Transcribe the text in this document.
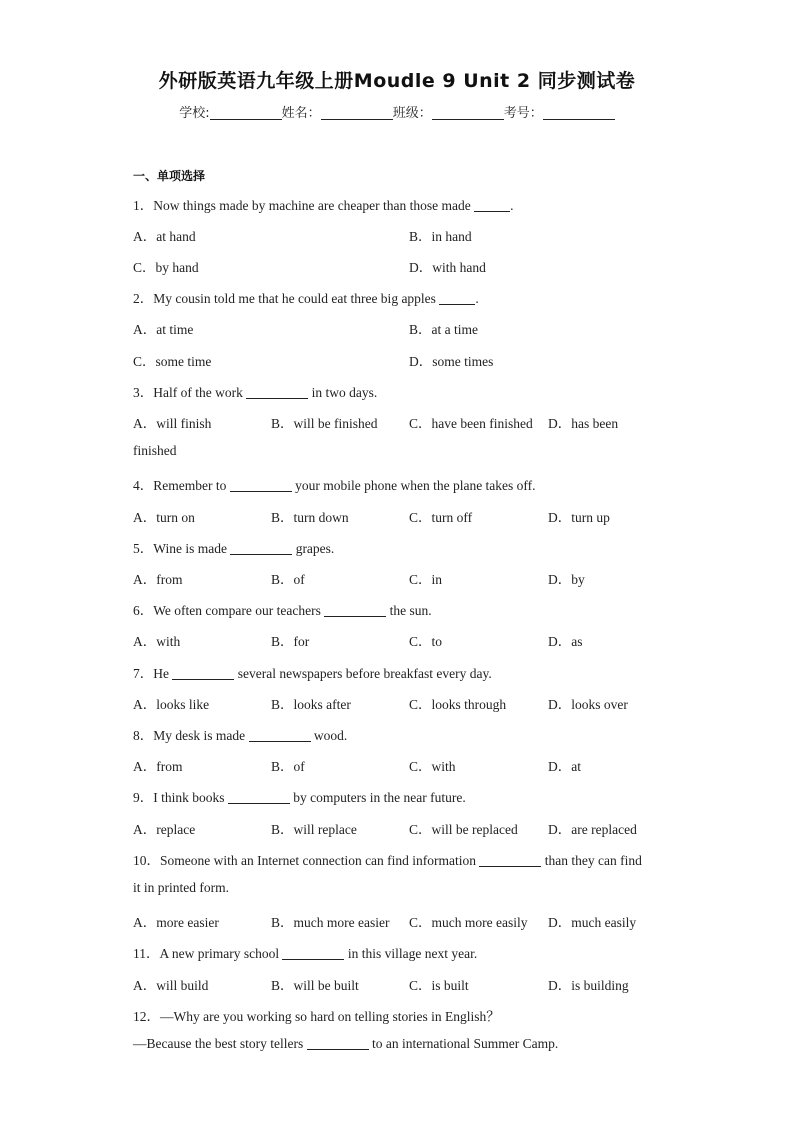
外研版英语九年级上册Moudle 9 Unit 2 同步测试卷
学校:	姓名：	班级：	考号：
一、单项选择
1．Now things made by machine are cheaper than those made	.
A．at hand	B．in hand
C．by hand	D．with hand
2．My cousin told me that he could eat three big apples	.
A．at time	B．at a time
C．some time	D．some times
3．Half of the work	in two days.
A．will finish	B．will be finished C．have been finished D．has been
finished
4．Remember to	your mobile phone when the plane takes off.
A．turn on	B．turn down	C．turn off	D．turn up
5．Wine is made	grapes.
A．from	B．of	C．in	D．by
6．We often compare our teachers	the sun.
A．with	B．for	C．to	D．as
7．He	several newspapers before breakfast every day.
A．looks like	B．looks after	C．looks through	D．looks over
8．My desk is made	wood.
A．from	B．of	C．with	D．at
9．I think books	by computers in the near future.
A．replace	B．will replace	C．will be replaced D．are replaced
10．Someone with an Internet connection can find information	than they can find
it in printed form.
A．more easier	B．much more easier C．much more easily D．much easily
11．A new primary school	in this village next year.
A．will build	B．will be built	C．is built	D．is building
12．—Why are you working so hard on telling stories in English？
—Because the best story tellers	to an international Summer Camp.
